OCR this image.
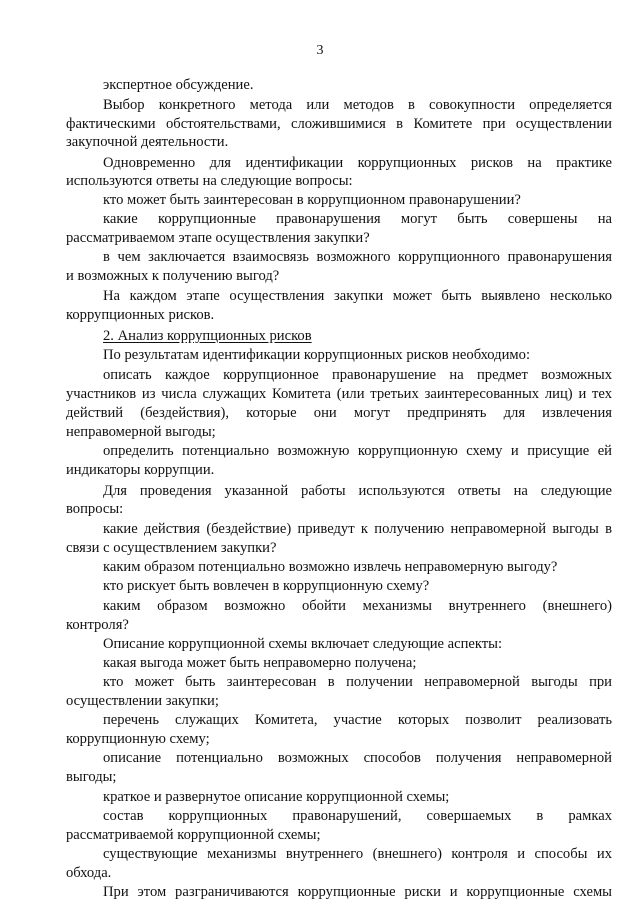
3
экспертное обсуждение.
Выбор конкретного метода или методов в совокупности определяется
фактическими обстоятельствами, сложившимися в Комитете при осуществлении
закупочной деятельности.
Одновременно для идентификации коррупционных рисков на практике
используются ответы на следующие вопросы:
кто может быть заинтересован в коррупционном правонарушении?
какие коррупционные правонарушения могут быть совершены на
рассматриваемом этапе осуществления закупки?
в чем заключается взаимосвязь возможного коррупционного правонарушения
и возможных к получению выгод?
На каждом этапе осуществления закупки может быть выявлено несколько
коррупционных рисков.
2. Анализ коррупционных рисков
По результатам идентификации коррупционных рисков необходимо:
описать каждое коррупционное правонарушение на предмет возможных
участников из числа служащих Комитета (или третьих заинтересованных лиц) и тех
действий (бездействия), которые они могут предпринять для извлечения
неправомерной выгоды;
определить потенциально возможную коррупционную схему и присущие ей
индикаторы коррупции.
Для проведения указанной работы используются ответы на следующие
вопросы:
какие действия (бездействие) приведут к получению неправомерной выгоды в
связи с осуществлением закупки?
каким образом потенциально возможно извлечь неправомерную выгоду?
кто рискует быть вовлечен в коррупционную схему?
каким образом возможно обойти механизмы внутреннего (внешнего)
контроля?
Описание коррупционной схемы включает следующие аспекты:
какая выгода может быть неправомерно получена;
кто может быть заинтересован в получении неправомерной выгоды при
осуществлении закупки;
перечень служащих Комитета, участие которых позволит реализовать
коррупционную схему;
описание потенциально возможных способов получения неправомерной
выгоды;
краткое и развернутое описание коррупционной схемы;
состав коррупционных правонарушений, совершаемых в рамках
рассматриваемой коррупционной схемы;
существующие механизмы внутреннего (внешнего) контроля и способы их
обхода.
При этом разграничиваются коррупционные риски и коррупционные схемы
